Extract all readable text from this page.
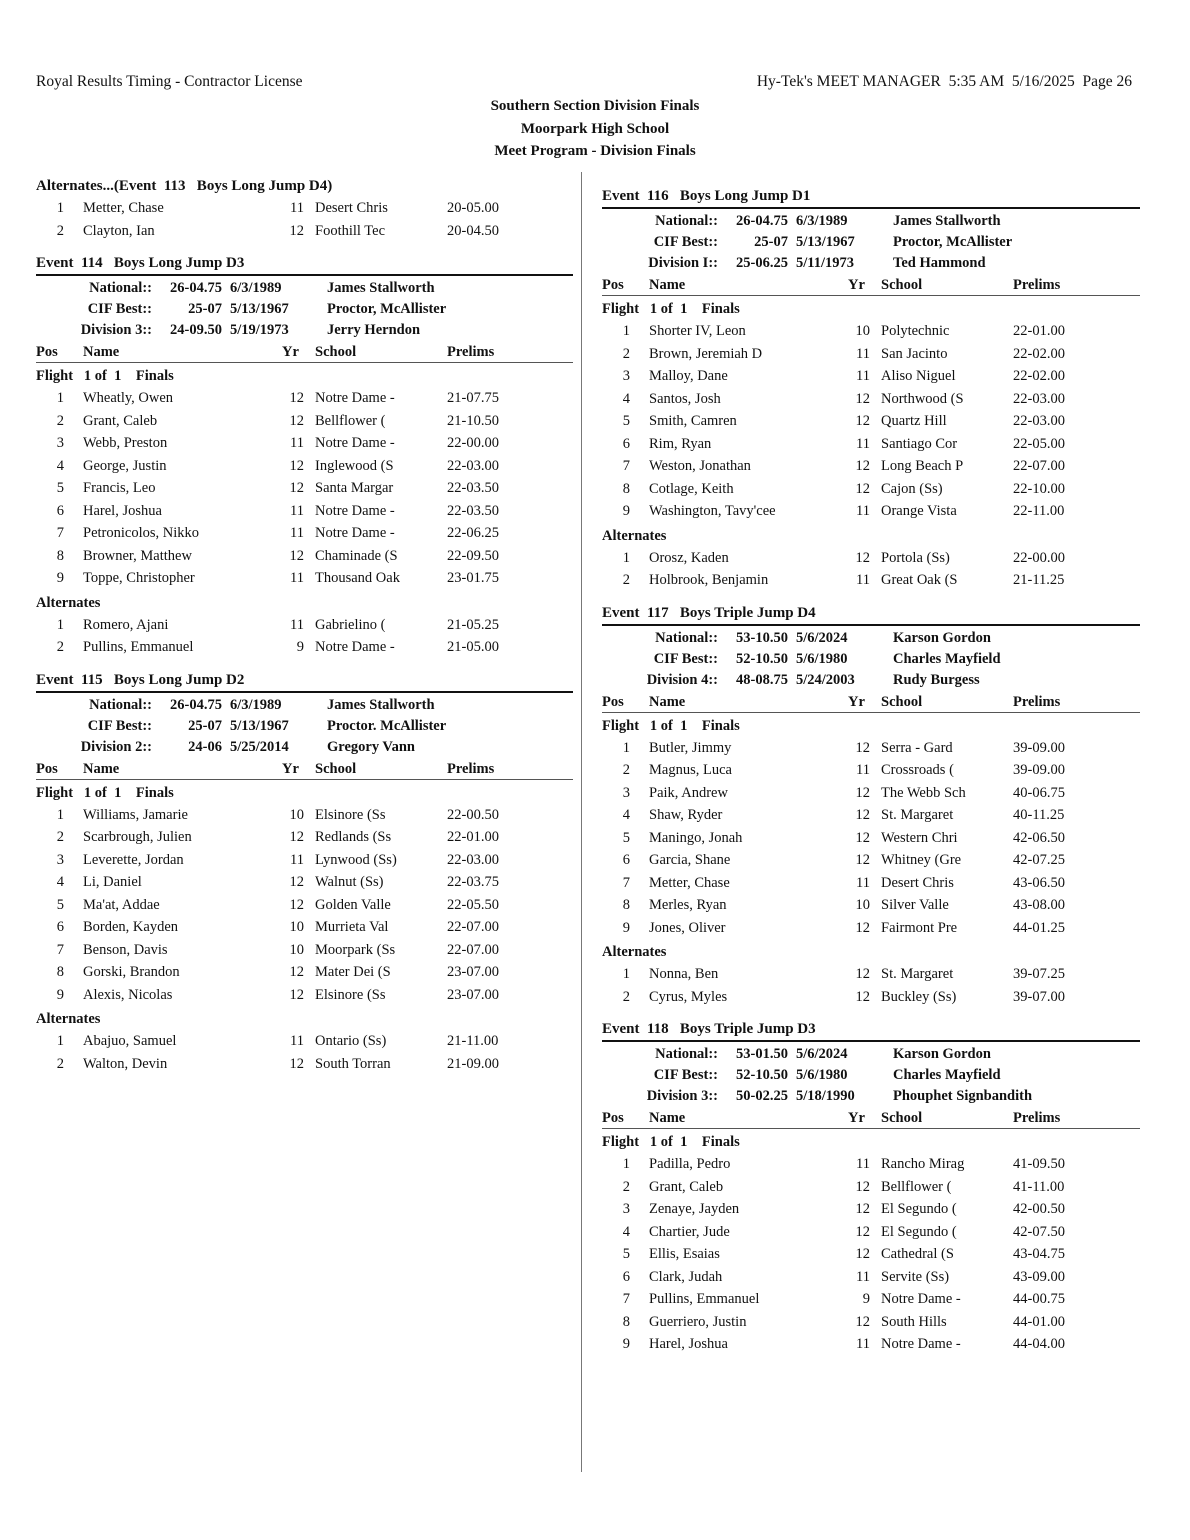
Royal Results Timing - Contractor License	Hy-Tek's MEET MANAGER  5:35 AM  5/16/2025  Page 26
Southern Section Division Finals
Moorpark High School
Meet Program - Division Finals
Alternates...(Event  113   Boys Long Jump D4)
1 Metter, Chase	11 Desert Chris	20-05.00
2 Clayton, Ian	12 Foothill Tec	20-04.50
Event  114   Boys Long Jump D3
National:: 26-04.75 6/3/1989	James Stallworth
CIF Best:: 25-07 5/13/1967	Proctor, McAllister
Division 3:: 24-09.50 5/19/1973	Jerry Herndon
Pos Name	Yr School	Prelims
Flight   1 of  1    Finals
1 Wheatly, Owen	12 Notre Dame -	21-07.75
2 Grant, Caleb	12 Bellflower (	21-10.50
3 Webb, Preston	11 Notre Dame -	22-00.00
4 George, Justin	12 Inglewood (S	22-03.00
5 Francis, Leo	12 Santa Margar	22-03.50
6 Harel, Joshua	11 Notre Dame -	22-03.50
7 Petronicolos, Nikko	11 Notre Dame -	22-06.25
8 Browner, Matthew	12 Chaminade (S	22-09.50
9 Toppe, Christopher	11 Thousand Oak	23-01.75
Alternates
1 Romero, Ajani	11 Gabrielino (	21-05.25
2 Pullins, Emmanuel	9 Notre Dame -	21-05.00
Event  115   Boys Long Jump D2
National:: 26-04.75 6/3/1989	James Stallworth
CIF Best:: 25-07 5/13/1967	Proctor. McAllister
Division 2:: 24-06 5/25/2014	Gregory Vann
Pos Name	Yr School	Prelims
Flight   1 of  1    Finals
1 Williams, Jamarie	10 Elsinore (Ss	22-00.50
2 Scarbrough, Julien	12 Redlands (Ss	22-01.00
3 Leverette, Jordan	11 Lynwood (Ss)	22-03.00
4 Li, Daniel	12 Walnut (Ss)	22-03.75
5 Ma'at, Addae	12 Golden Valle	22-05.50
6 Borden, Kayden	10 Murrieta Val	22-07.00
7 Benson, Davis	10 Moorpark (Ss	22-07.00
8 Gorski, Brandon	12 Mater Dei (S	23-07.00
9 Alexis, Nicolas	12 Elsinore (Ss	23-07.00
Alternates
1 Abajuo, Samuel	11 Ontario (Ss)	21-11.00
2 Walton, Devin	12 South Torran	21-09.00
Event  116   Boys Long Jump D1
National:: 26-04.75 6/3/1989	James Stallworth
CIF Best:: 25-07 5/13/1967	Proctor, McAllister
Division I:: 25-06.25 5/11/1973	Ted Hammond
Pos Name	Yr School	Prelims
Flight   1 of  1    Finals
1 Shorter IV, Leon	10 Polytechnic	22-01.00
2 Brown, Jeremiah D	11 San Jacinto	22-02.00
3 Malloy, Dane	11 Aliso Niguel	22-02.00
4 Santos, Josh	12 Northwood (S	22-03.00
5 Smith, Camren	12 Quartz Hill	22-03.00
6 Rim, Ryan	11 Santiago Cor	22-05.00
7 Weston, Jonathan	12 Long Beach P	22-07.00
8 Cotlage, Keith	12 Cajon (Ss)	22-10.00
9 Washington, Tavy'cee	11 Orange Vista	22-11.00
Alternates
1 Orosz, Kaden	12 Portola (Ss)	22-00.00
2 Holbrook, Benjamin	11 Great Oak (S	21-11.25
Event  117   Boys Triple Jump D4
National:: 53-10.50 5/6/2024	Karson Gordon
CIF Best:: 52-10.50 5/6/1980	Charles Mayfield
Division 4:: 48-08.75 5/24/2003	Rudy Burgess
Pos Name	Yr School	Prelims
Flight   1 of  1    Finals
1 Butler, Jimmy	12 Serra - Gard	39-09.00
2 Magnus, Luca	11 Crossroads (	39-09.00
3 Paik, Andrew	12 The Webb Sch	40-06.75
4 Shaw, Ryder	12 St. Margaret	40-11.25
5 Maningo, Jonah	12 Western Chri	42-06.50
6 Garcia, Shane	12 Whitney (Gre	42-07.25
7 Metter, Chase	11 Desert Chris	43-06.50
8 Merles, Ryan	10 Silver Valle	43-08.00
9 Jones, Oliver	12 Fairmont Pre	44-01.25
Alternates
1 Nonna, Ben	12 St. Margaret	39-07.25
2 Cyrus, Myles	12 Buckley (Ss)	39-07.00
Event  118   Boys Triple Jump D3
National:: 53-01.50 5/6/2024	Karson Gordon
CIF Best:: 52-10.50 5/6/1980	Charles Mayfield
Division 3:: 50-02.25 5/18/1990	Phouphet Signbandith
Pos Name	Yr School	Prelims
Flight   1 of  1    Finals
1 Padilla, Pedro	11 Rancho Mirag	41-09.50
2 Grant, Caleb	12 Bellflower (	41-11.00
3 Zenaye, Jayden	12 El Segundo (	42-00.50
4 Chartier, Jude	12 El Segundo (	42-07.50
5 Ellis, Esaias	12 Cathedral (S	43-04.75
6 Clark, Judah	11 Servite (Ss)	43-09.00
7 Pullins, Emmanuel	9 Notre Dame -	44-00.75
8 Guerriero, Justin	12 South Hills	44-01.00
9 Harel, Joshua	11 Notre Dame -	44-04.00
